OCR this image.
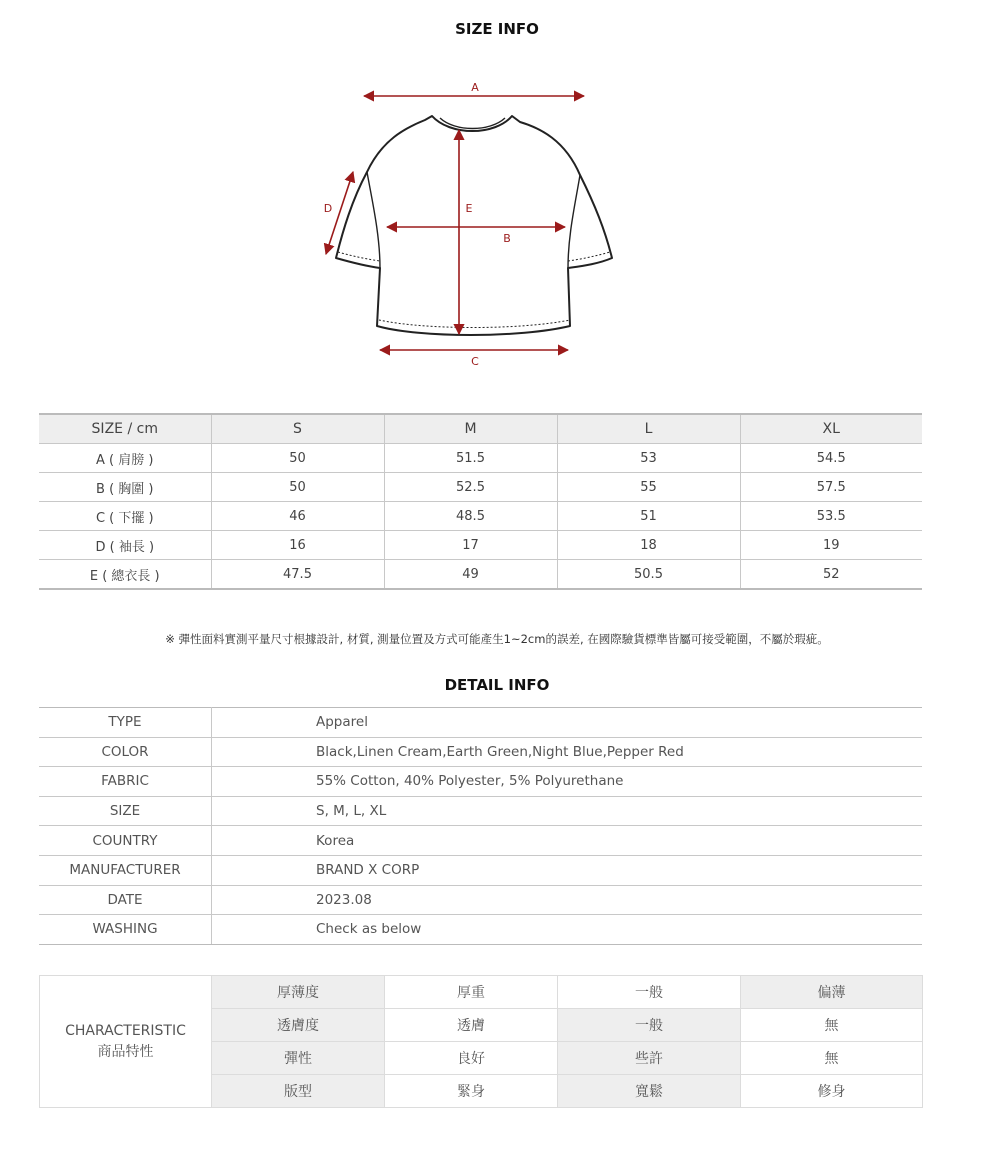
SIZE INFO
A
B
C
D	E
SIZE / cm	S	M	L	XL
A ( 肩膀 )	50	51.5	53	54.5
B ( 胸圍 )	50	52.5	55	57.5
C ( 下擺 )	46	48.5	51	53.5
D ( 袖長 )	16	17	18	19
E ( 總衣長 )	47.5	49	50.5	52
※ 彈性面料實測平量尺寸根據設計, 材質, 測量位置及方式可能產生1~2cm的誤差, 在國際驗貨標準皆屬可接受範圍，不屬於瑕疵。
DETAIL INFO
TYPE	Apparel
COLOR	Black,Linen Cream,Earth Green,Night Blue,Pepper Red
FABRIC	55% Cotton, 40% Polyester, 5% Polyurethane
SIZE	S, M, L, XL
COUNTRY	Korea
MANUFACTURER	BRAND X CORP
DATE	2023.08
WASHING	Check as below
CHARACTERISTIC
商品特性	厚薄度	厚重	一般	偏薄
	透膚度	透膚	一般	無
	彈性	良好	些許	無
	版型	緊身	寬鬆	修身
